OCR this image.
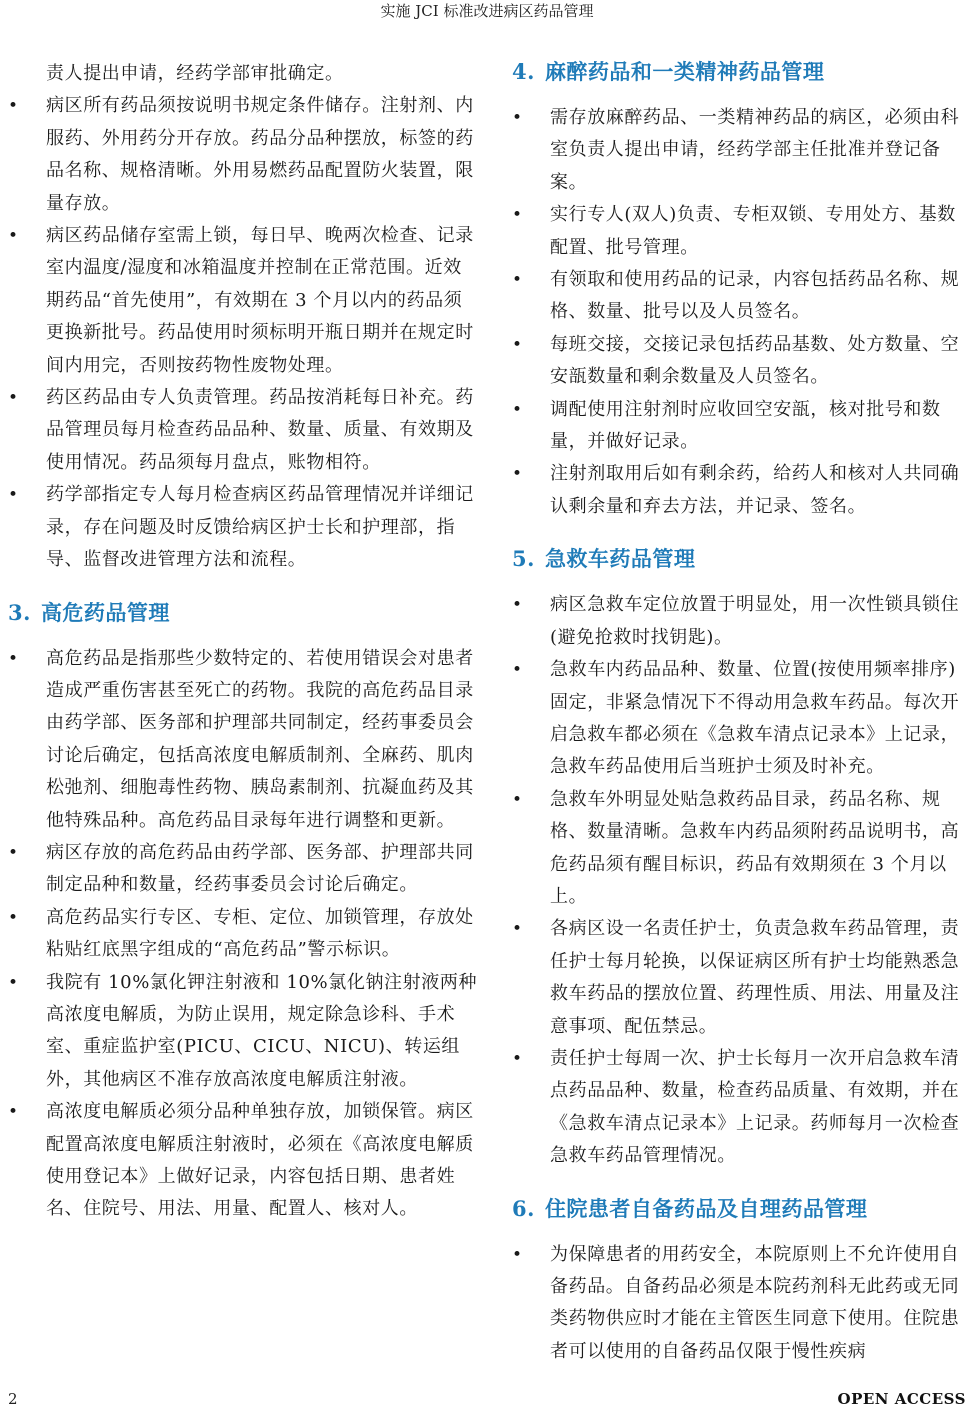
实施 JCI 标准改进病区药品管理

责人提出申请，经药学部审批确定。

• 病区所有药品须按说明书规定条件储存。注射剂、内服药、外用药分开存放。药品分品种摆放，标签的药品名称、规格清晰。外用易燃药品配置防火装置，限量存放。
• 病区药品储存室需上锁，每日早、晚两次检查、记录室内温度/湿度和冰箱温度并控制在正常范围。近效期药品“首先使用”，有效期在 3 个月以内的药品须更换新批号。药品使用时须标明开瓶日期并在规定时间内用完，否则按药物性废物处理。
• 药区药品由专人负责管理。药品按消耗每日补充。药品管理员每月检查药品品种、数量、质量、有效期及使用情况。药品须每月盘点，账物相符。
• 药学部指定专人每月检查病区药品管理情况并详细记录，存在问题及时反馈给病区护士长和护理部，指导、监督改进管理方法和流程。
3. 高危药品管理
• 高危药品是指那些少数特定的、若使用错误会对患者造成严重伤害甚至死亡的药物。我院的高危药品目录由药学部、医务部和护理部共同制定，经药事委员会讨论后确定，包括高浓度电解质制剂、全麻药、肌肉松弛剂、细胞毒性药物、胰岛素制剂、抗凝血药及其他特殊品种。高危药品目录每年进行调整和更新。
• 病区存放的高危药品由药学部、医务部、护理部共同制定品种和数量，经药事委员会讨论后确定。
• 高危药品实行专区、专柜、定位、加锁管理，存放处粘贴红底黑字组成的“高危药品”警示标识。
• 我院有 10%氯化钾注射液和 10%氯化钠注射液两种高浓度电解质，为防止误用，规定除急诊科、手术室、重症监护室(PICU、CICU、NICU)、转运组外，其他病区不准存放高浓度电解质注射液。
• 高浓度电解质必须分品种单独存放，加锁保管。病区配置高浓度电解质注射液时，必须在《高浓度电解质使用登记本》上做好记录，内容包括日期、患者姓名、住院号、用法、用量、配置人、核对人。
4. 麻醉药品和一类精神药品管理
• 需存放麻醉药品、一类精神药品的病区，必须由科室负责人提出申请，经药学部主任批准并登记备案。
• 实行专人(双人)负责、专柜双锁、专用处方、基数配置、批号管理。
• 有领取和使用药品的记录，内容包括药品名称、规格、数量、批号以及人员签名。
• 每班交接，交接记录包括药品基数、处方数量、空安瓿数量和剩余数量及人员签名。
• 调配使用注射剂时应收回空安瓿，核对批号和数量，并做好记录。
• 注射剂取用后如有剩余药，给药人和核对人共同确认剩余量和弃去方法，并记录、签名。
5. 急救车药品管理
• 病区急救车定位放置于明显处，用一次性锁具锁住(避免抢救时找钥匙)。
• 急救车内药品品种、数量、位置(按使用频率排序)固定，非紧急情况下不得动用急救车药品。每次开启急救车都必须在《急救车清点记录本》上记录，急救车药品使用后当班护士须及时补充。
• 急救车外明显处贴急救药品目录，药品名称、规格、数量清晰。急救车内药品须附药品说明书，高危药品须有醒目标识，药品有效期须在 3 个月以上。
• 各病区设一名责任护士，负责急救车药品管理，责任护士每月轮换，以保证病区所有护士均能熟悉急救车药品的摆放位置、药理性质、用法、用量及注意事项、配伍禁忌。
• 责任护士每周一次、护士长每月一次开启急救车清点药品品种、数量，检查药品质量、有效期，并在《急救车清点记录本》上记录。药师每月一次检查急救车药品管理情况。
6. 住院患者自备药品及自理药品管理
• 为保障患者的用药安全，本院原则上不允许使用自备药品。自备药品必须是本院药剂科无此药或无同类药物供应时才能在主管医生同意下使用。住院患者可以使用的自备药品仅限于慢性疾病
2	OPEN ACCESS
